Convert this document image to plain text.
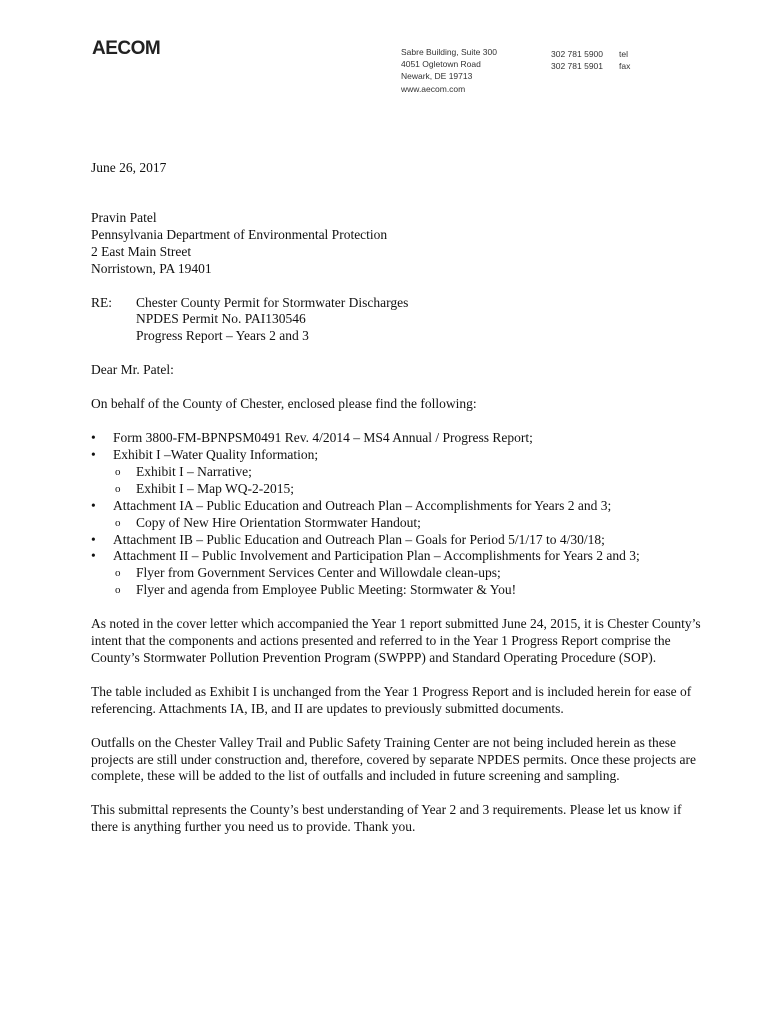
AECOM	Sabre Building, Suite 300
4051 Ogletown Road
Newark, DE 19713
www.aecom.com
302 781 5900	tel
302 781 5901	fax

June 26, 2017

Pravin Patel
Pennsylvania Department of Environmental Protection
2 East Main Street
Norristown, PA 19401
RE:	Chester County Permit for Stormwater Discharges
NPDES Permit No. PAI130546
Progress Report – Years 2 and 3

Dear Mr. Patel:

On behalf of the County of Chester, enclosed please find the following:

•	Form 3800-FM-BPNPSM0491 Rev. 4/2014 – MS4 Annual / Progress Report;
•	Exhibit I –Water Quality Information;
o	Exhibit I – Narrative;
o	Exhibit I – Map WQ-2-2015;
•	Attachment IA – Public Education and Outreach Plan – Accomplishments for Years 2 and 3;
o	Copy of New Hire Orientation Stormwater Handout;
•	Attachment IB – Public Education and Outreach Plan – Goals for Period 5/1/17 to 4/30/18;
•	Attachment II – Public Involvement and Participation Plan – Accomplishments for Years 2 and 3;
o	Flyer from Government Services Center and Willowdale clean-ups;
o	Flyer and agenda from Employee Public Meeting: Stormwater & You!

As noted in the cover letter which accompanied the Year 1 report submitted June 24, 2015, it is Chester County’s intent that the components and actions presented and referred to in the Year 1 Progress Report comprise the County’s Stormwater Pollution Prevention Program (SWPPP) and Standard Operating Procedure (SOP).

The table included as Exhibit I is unchanged from the Year 1 Progress Report and is included herein for ease of referencing. Attachments IA, IB, and II are updates to previously submitted documents.

Outfalls on the Chester Valley Trail and Public Safety Training Center are not being included herein as these projects are still under construction and, therefore, covered by separate NPDES permits. Once these projects are complete, these will be added to the list of outfalls and included in future screening and sampling.

This submittal represents the County’s best understanding of Year 2 and 3 requirements. Please let us know if there is anything further you need us to provide. Thank you.
